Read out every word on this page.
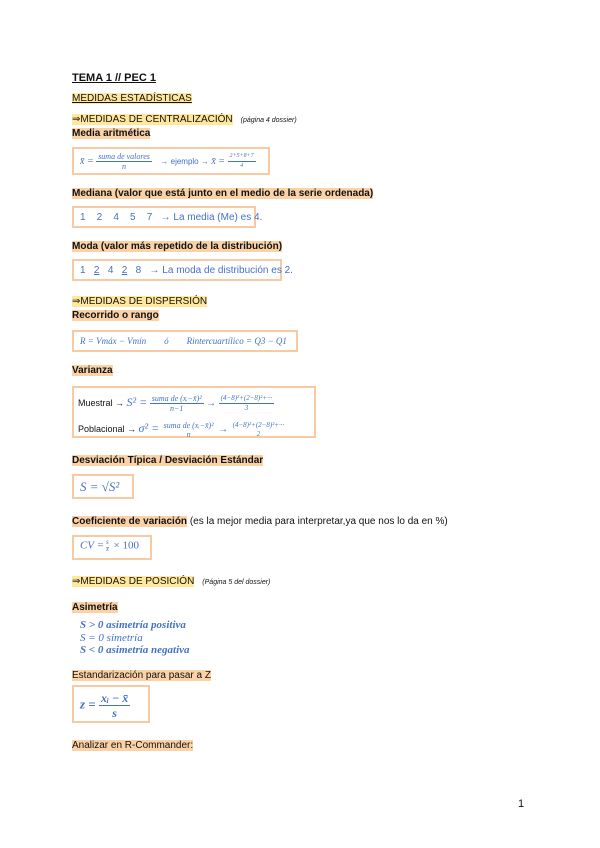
TEMA 1 // PEC 1
MEDIDAS ESTADÍSTICAS
⇒MEDIDAS DE CENTRALIZACIÓN (página 4 dossier)
Media aritmética
x̄ = $\frac{\text{suma de valores}}{n}$ → ejemplo → x̄ = $\frac{2+5+8+7}{4}$
Mediana (valor que está junto en el medio de la serie ordenada)
1    2    4    5    7 → La media (Me) es 4.
Moda (valor más repetido de la distribución)
1 2 4 2 8 → La moda de distribución es 2.
⇒MEDIDAS DE DISPERSIÓN
Recorrido o rango
R = Vmáx − Vmín        ó        Rintercuartílico = Q3 − Q1
Varianza
Muestral → $S^2 = \frac{\text{suma de (xᵢ−x̄)²}}{n-1} \to \frac{\text{(4−8)²+(2−8)²+···}}{3}$
Poblacional → σ² = suma de (xᵢ−x̄)²
n	→ (4−8)²+(2−8)²+···
2
Desviación Típica / Desviación Estándar
S = √S²
Coeficiente de variación (es la mejor media para interpretar,ya que nos lo da en %)
CV = s
x̄ × 100
⇒MEDIDAS DE POSICIÓN (Página 5 del dossier)
Asimetría
S > 0 asimetría positiva
S = 0 simetría
S < 0 asimetría negativa
Estandarización para pasar a Z
$z = \frac{\text{xᵢ − x̄}}{s}$
Analizar en R-Commander:
1
